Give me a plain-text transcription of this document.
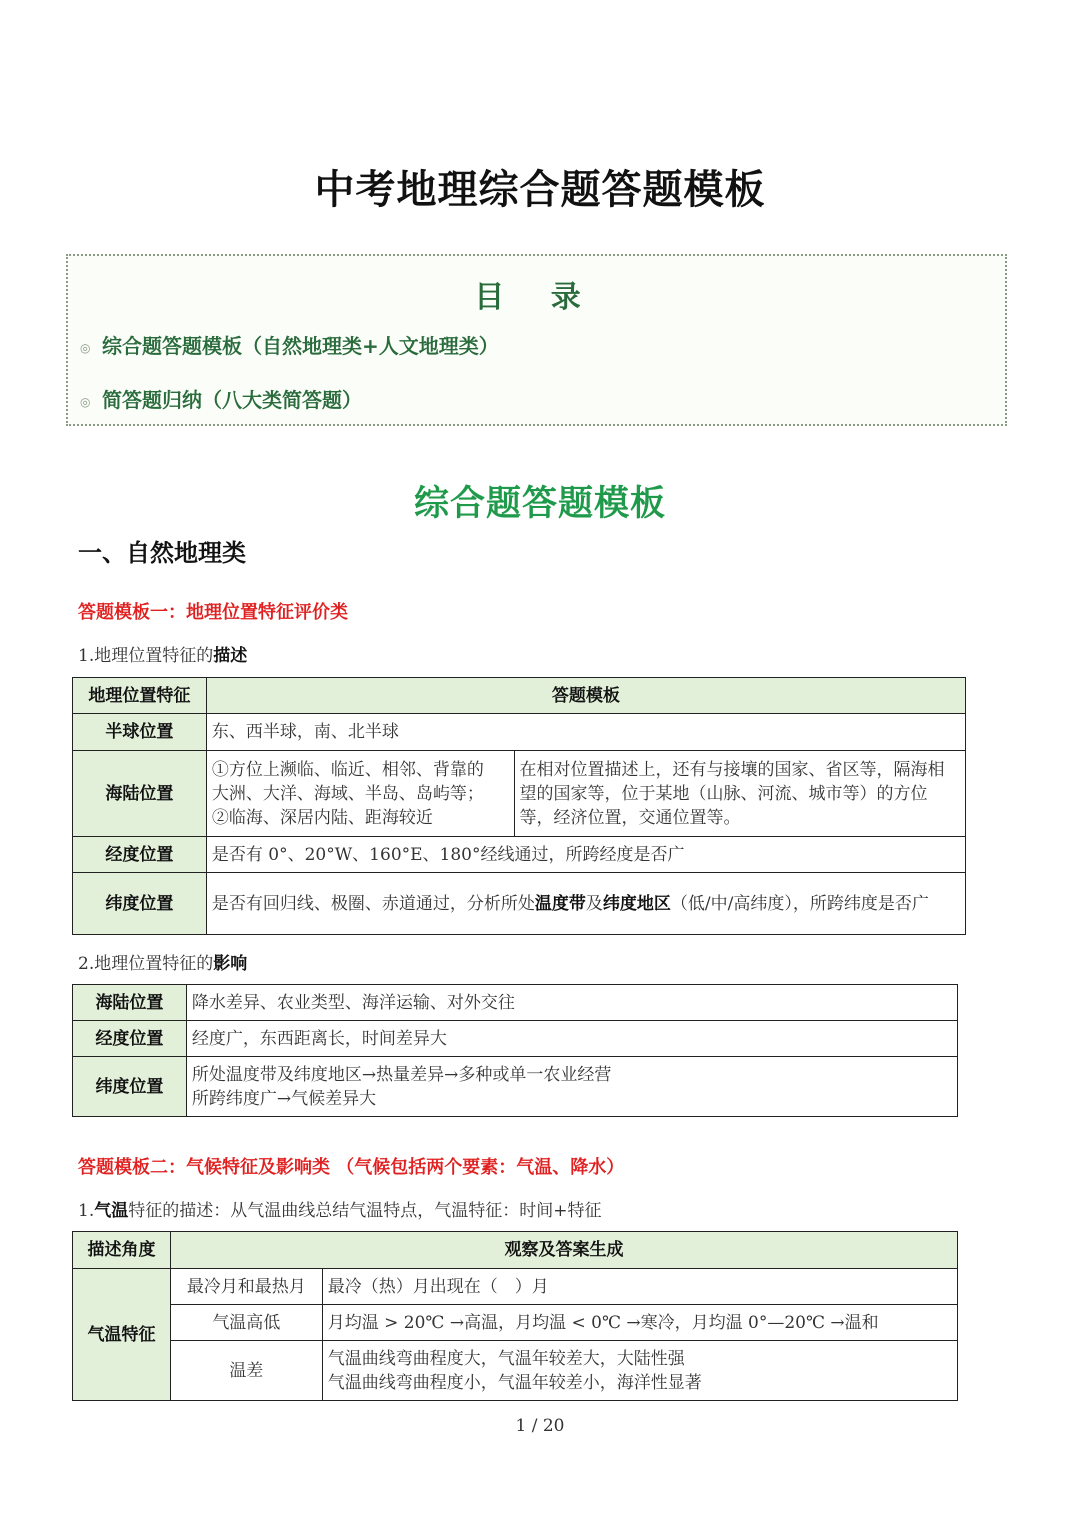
中考地理综合题答题模板
目 录
◎ 综合题答题模板（自然地理类+人文地理类）
◎ 简答题归纳（八大类简答题）
综合题答题模板
一、自然地理类
答题模板一：地理位置特征评价类
1.地理位置特征的描述
地理位置特征	答题模板	
半球位置	东、西半球，南、北半球	
海陆位置	①方位上濒临、临近、相邻、背靠的
大洲、大洋、海域、半岛、岛屿等；
②临海、深居内陆、距海较近	在相对位置描述上，还有与接壤的国家、省区等，隔海相望的国家等，位于某地（山脉、河流、城市等）的方位等，经济位置，交通位置等。
经度位置	是否有 0°、20°W、160°E、180°经线通过，所跨经度是否广	
纬度位置	是否有回归线、极圈、赤道通过，分析所处温度带及纬度地区（低/中/高纬度），所跨纬度是否广	
2.地理位置特征的影响
海陆位置	降水差异、农业类型、海洋运输、对外交往
经度位置	经度广，东西距离长，时间差异大
纬度位置	所处温度带及纬度地区→热量差异→多种或单一农业经营
所跨纬度广→气候差异大
答题模板二：气候特征及影响类 （气候包括两个要素：气温、降水）
1.气温特征的描述：从气温曲线总结气温特点，气温特征：时间+特征
描述角度	观察及答案生成	
气温特征	最冷月和最热月	最冷（热）月出现在（　）月
	气温高低	月均温 > 20℃ →高温，月均温 < 0℃ →寒冷，月均温 0°—20℃ →温和
	温差	气温曲线弯曲程度大，气温年较差大，大陆性强
气温曲线弯曲程度小，气温年较差小，海洋性显著
1 / 20
